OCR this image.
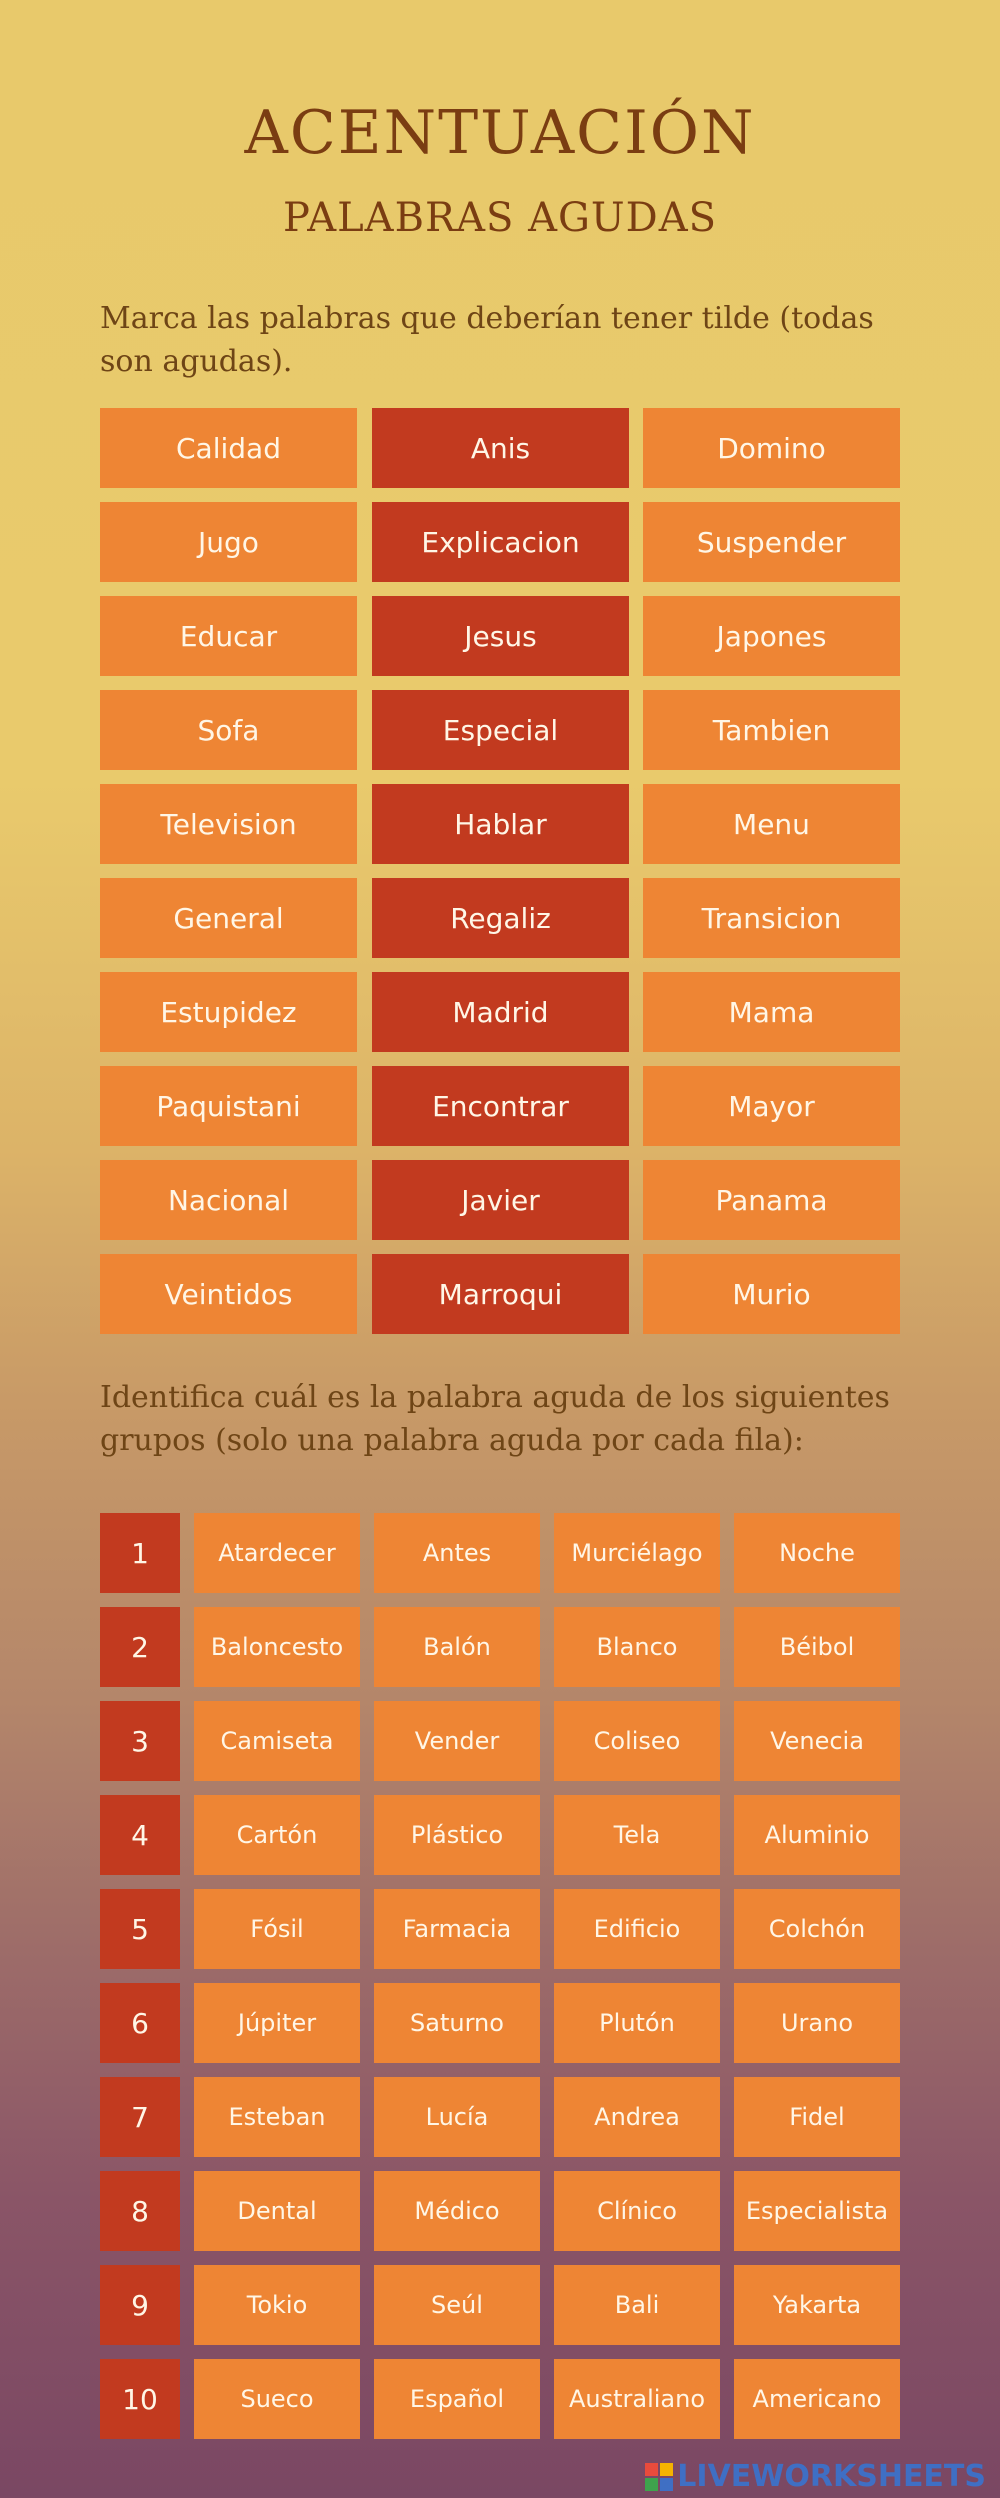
ACENTUACIÓN
PALABRAS AGUDAS
Marca las palabras que deberían tener tilde (todas son agudas).
Calidad	Anis	Domino
Jugo	Explicacion	Suspender
Educar	Jesus	Japones
Sofa	Especial	Tambien
Television	Hablar	Menu
General	Regaliz	Transicion
Estupidez	Madrid	Mama
Paquistani	Encontrar	Mayor
Nacional	Javier	Panama
Veintidos	Marroqui	Murio
Identifica cuál es la palabra aguda de los siguientes grupos (solo una palabra aguda por cada fila):
1	Atardecer	Antes	Murciélago	Noche
2	Baloncesto	Balón	Blanco	Béibol
3	Camiseta	Vender	Coliseo	Venecia
4	Cartón	Plástico	Tela	Aluminio
5	Fósil	Farmacia	Edificio	Colchón
6	Júpiter	Saturno	Plutón	Urano
7	Esteban	Lucía	Andrea	Fidel
8	Dental	Médico	Clínico	Especialista
9	Tokio	Seúl	Bali	Yakarta
10	Sueco	Español	Australiano	Americano
LIVEWORKSHEETS
